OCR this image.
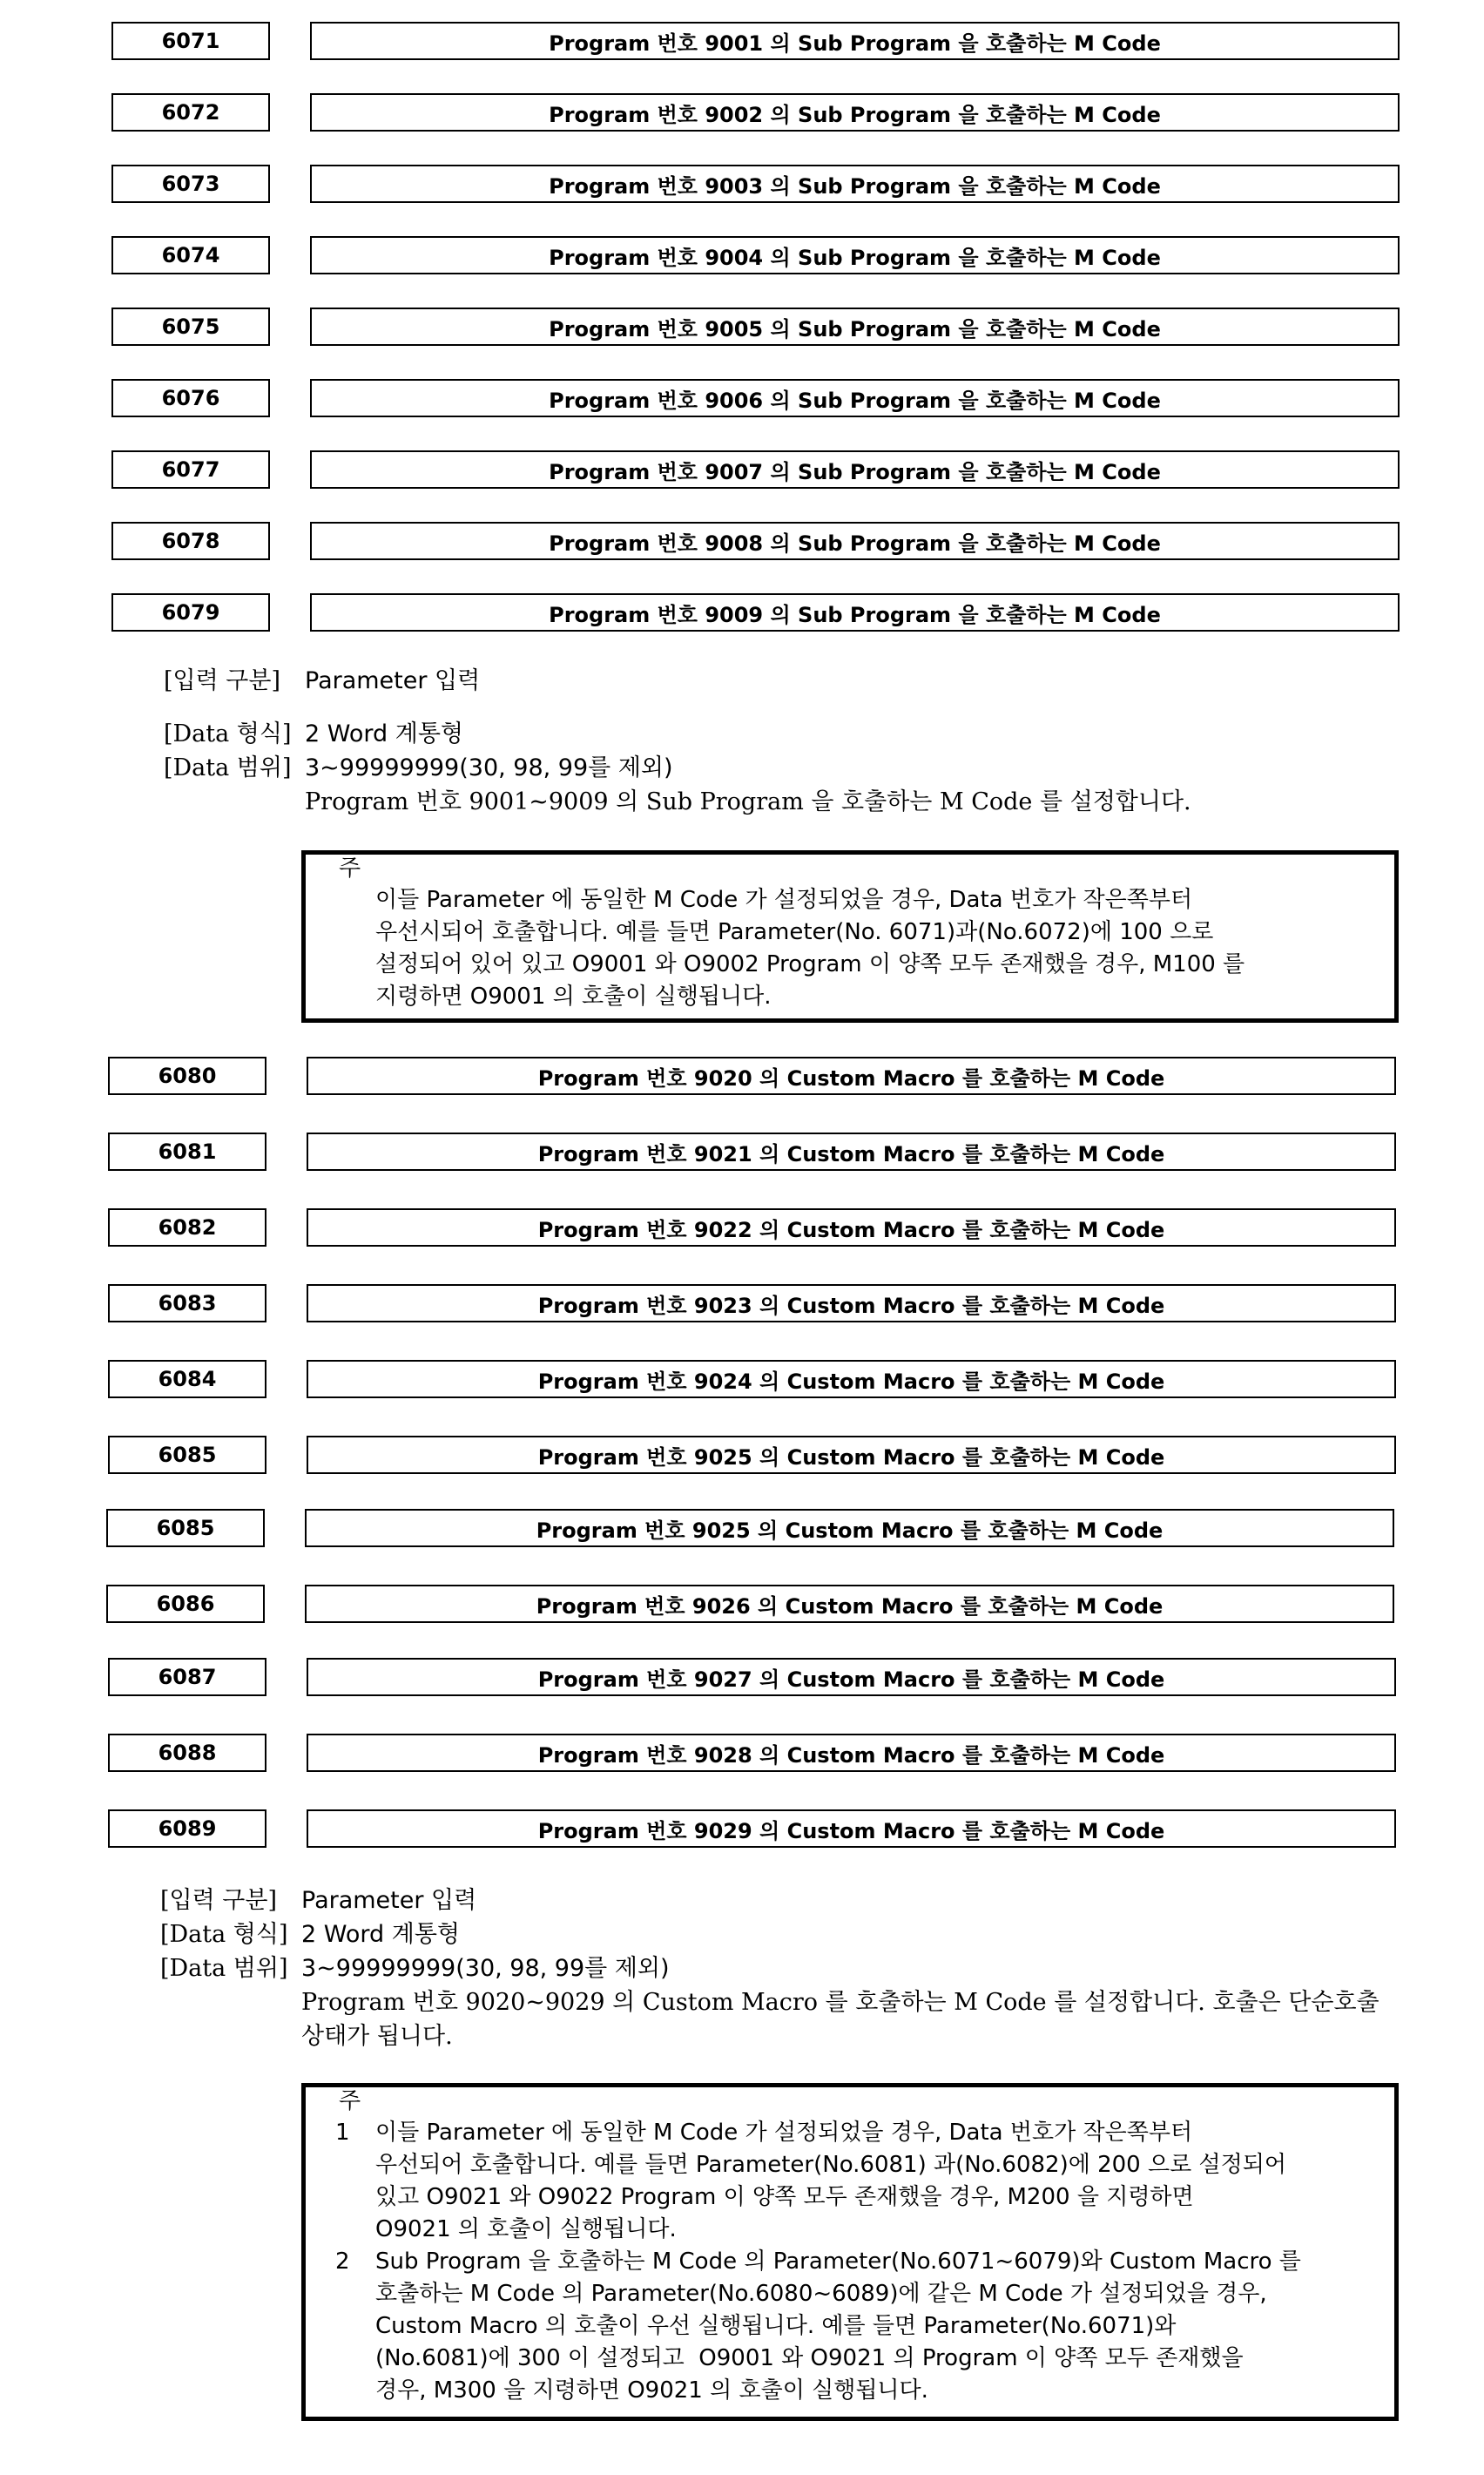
6071	Program 번호 9001 의 Sub Program 을 호출하는 M Code
6072	Program 번호 9002 의 Sub Program 을 호출하는 M Code
6073	Program 번호 9003 의 Sub Program 을 호출하는 M Code
6074	Program 번호 9004 의 Sub Program 을 호출하는 M Code
6075	Program 번호 9005 의 Sub Program 을 호출하는 M Code
6076	Program 번호 9006 의 Sub Program 을 호출하는 M Code
6077	Program 번호 9007 의 Sub Program 을 호출하는 M Code
6078	Program 번호 9008 의 Sub Program 을 호출하는 M Code
6079	Program 번호 9009 의 Sub Program 을 호출하는 M Code
[입력 구분] Parameter 입력
[Data 형식] 2 Word 계통형
[Data 범위] 3~99999999(30, 98, 99를 제외)
Program 번호 9001~9009 의 Sub Program 을 호출하는 M Code 를 설정합니다.
주
이들 Parameter 에 동일한 M Code 가 설정되었을 경우, Data 번호가 작은쪽부터
우선시되어 호출합니다. 예를 들면 Parameter(No. 6071)과(No.6072)에 100 으로
설정되어 있어 있고 O9001 와 O9002 Program 이 양쪽 모두 존재했을 경우, M100 를
지령하면 O9001 의 호출이 실행됩니다.
6080	Program 번호 9020 의 Custom Macro 를 호출하는 M Code
6081	Program 번호 9021 의 Custom Macro 를 호출하는 M Code
6082	Program 번호 9022 의 Custom Macro 를 호출하는 M Code
6083	Program 번호 9023 의 Custom Macro 를 호출하는 M Code
6084	Program 번호 9024 의 Custom Macro 를 호출하는 M Code
6085	Program 번호 9025 의 Custom Macro 를 호출하는 M Code
6085	Program 번호 9025 의 Custom Macro 를 호출하는 M Code
6086	Program 번호 9026 의 Custom Macro 를 호출하는 M Code
6087	Program 번호 9027 의 Custom Macro 를 호출하는 M Code
6088	Program 번호 9028 의 Custom Macro 를 호출하는 M Code
6089	Program 번호 9029 의 Custom Macro 를 호출하는 M Code
[입력 구분] Parameter 입력
[Data 형식] 2 Word 계통형
[Data 범위] 3~99999999(30, 98, 99를 제외)
Program 번호 9020~9029 의 Custom Macro 를 호출하는 M Code 를 설정합니다. 호출은 단순호출
상태가 됩니다.
주
1 이들 Parameter 에 동일한 M Code 가 설정되었을 경우, Data 번호가 작은쪽부터
우선되어 호출합니다. 예를 들면 Parameter(No.6081) 과(No.6082)에 200 으로 설정되어
있고 O9021 와 O9022 Program 이 양쪽 모두 존재했을 경우, M200 을 지령하면
O9021 의 호출이 실행됩니다.
2 Sub Program 을 호출하는 M Code 의 Parameter(No.6071~6079)와 Custom Macro 를
호출하는 M Code 의 Parameter(No.6080~6089)에 같은 M Code 가 설정되었을 경우,
Custom Macro 의 호출이 우선 실행됩니다. 예를 들면 Parameter(No.6071)와
(No.6081)에 300 이 설정되고  O9001 와 O9021 의 Program 이 양쪽 모두 존재했을
경우, M300 을 지령하면 O9021 의 호출이 실행됩니다.
